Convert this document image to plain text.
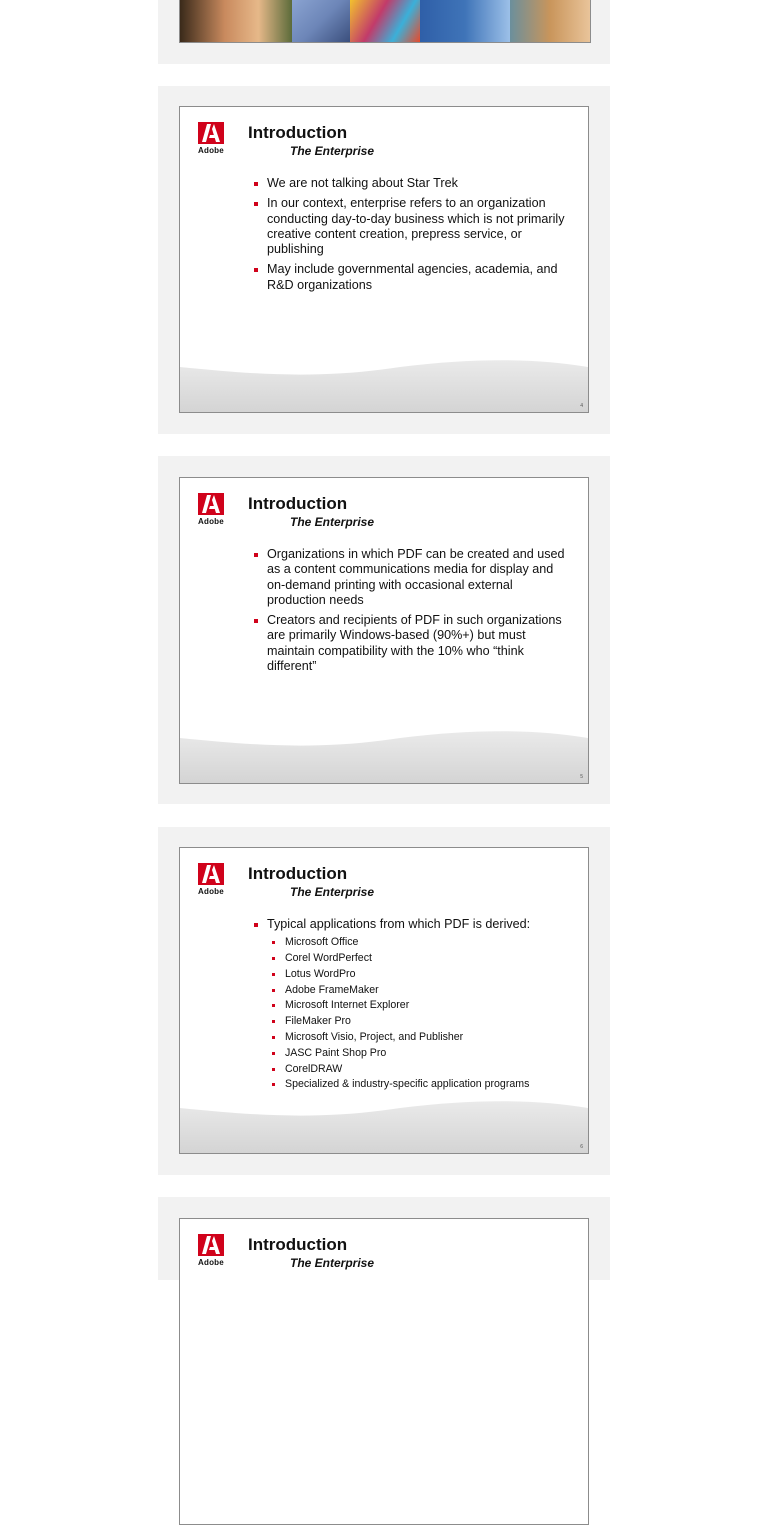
Adobe
Introduction
The Enterprise
We are not talking about Star Trek
In our context, enterprise refers to an organization conducting day-to-day business which is not primarily creative content creation, prepress service, or publishing
May include governmental agencies, academia, and R&D organizations
4
Adobe
Introduction
The Enterprise
Organizations in which PDF can be created and used as a content communications media for display and on-demand printing with occasional external production needs
Creators and recipients of PDF in such organizations are primarily Windows-based (90%+) but must maintain compatibility with the 10% who “think different”
5
Adobe
Introduction
The Enterprise
Typical applications from which PDF is derived:
Microsoft Office
Corel WordPerfect
Lotus WordPro
Adobe FrameMaker
Microsoft Internet Explorer
FileMaker Pro
Microsoft Visio, Project, and Publisher
JASC Paint Shop Pro
CorelDRAW
Specialized & industry-specific application programs
6
Adobe
Introduction
The Enterprise
